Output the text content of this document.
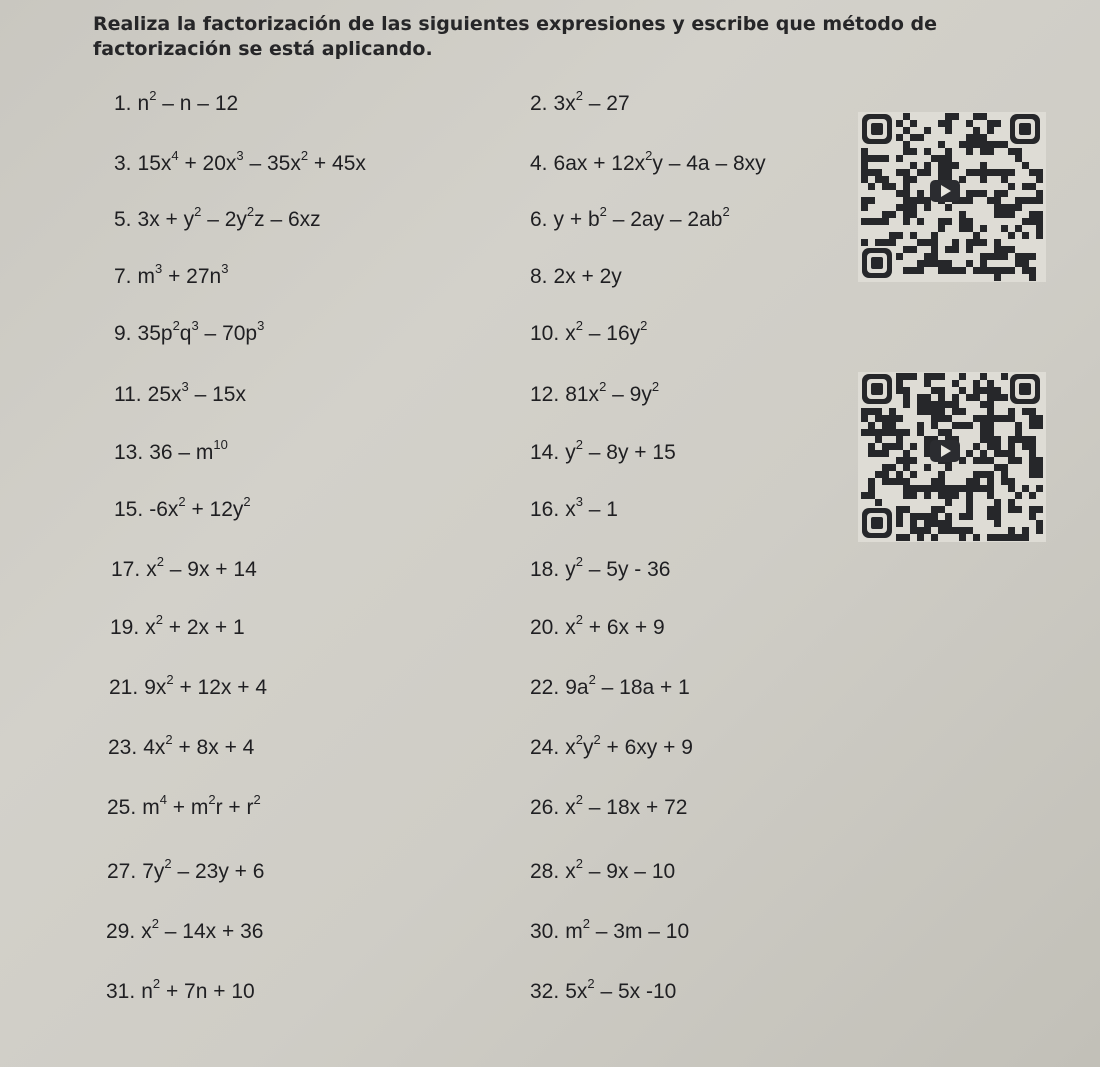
Realiza la factorización de las siguientes expresiones y escribe que método de
factorización se está aplicando.
1. $n^2$ – n – 12	2. $3x^2 - 27$
3. $15x^4 + 20x^3 - 35x^2 + 45x$	4. $6ax + 12x^2y - 4a - 8xy$
5. $3x + y^2 - 2y^2z - 6xz$	6. $y + b^2 - 2ay - 2ab^2$
7. $m^3 + 27n^3$	8. 2x + 2y
9. $35p^2q^3 - 70p^3$	10. $x^2 - 16y^2$
11. $25x^3 - 15x$	12. $81x^2 - 9y^2$
13. $36 - m^{10}$	14. $y^2 - 8y + 15$
15. $-6x^2 + 12y^2$	16. $x^3 - 1$
17. $x^2 - 9x + 14$	18. $y^2 - 5y - 36$
19. $x^2 + 2x + 1$	20. $x^2 + 6x + 9$
21. $9x^2 + 12x + 4$	22. $9a^2 - 18a + 1$
23. $4x^2 + 8x + 4$	24. $x^2y^2 + 6xy + 9$
25. $m^4 + m^2r + r^2$	26. $x^2 - 18x + 72$
27. $7y^2 - 23y + 6$	28. $x^2 - 9x - 10$
29. $x^2 - 14x + 36$	30. $m^2 - 3m - 10$
31. $n^2 + 7n + 10$	32. $5x^2 - 5x$ -10
